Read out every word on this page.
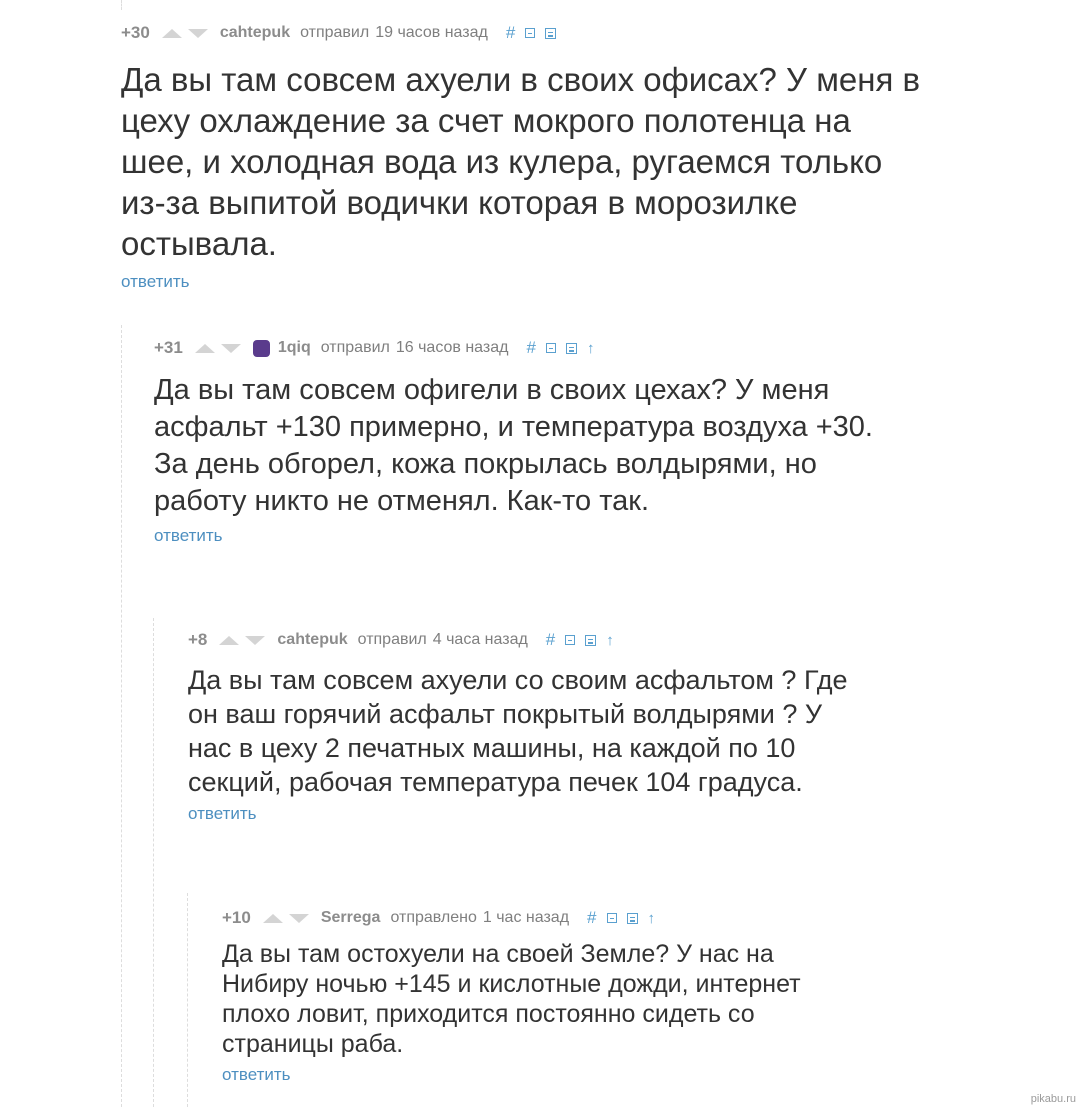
+30	cahtepuk отправил 19 часов назад #
Да вы там совсем ахуели в своих офисах? У меня в цеху охлаждение за счет мокрого полотенца на шее, и холодная вода из кулера, ругаемся только из-за выпитой водички которая в морозилке остывала.
ответить
+31	1qiq отправил 16 часов назад #	↑
Да вы там совсем офигели в своих цехах? У меня асфальт +130 примерно, и температура воздуха +30. За день обгорел, кожа покрылась волдырями, но работу никто не отменял. Как-то так.
ответить
+8	cahtepuk отправил 4 часа назад #	↑
Да вы там совсем ахуели со своим асфальтом ? Где он ваш горячий асфальт покрытый волдырями ? У нас в цеху 2 печатных машины, на каждой по 10 секций, рабочая температура печек 104 градуса.
ответить
+10	Serrega отправлено 1 час назад #	↑
Да вы там остохуели на своей Земле? У нас на Нибиру ночью +145 и кислотные дожди, интернет плохо ловит, приходится постоянно сидеть со страницы раба.
ответить
pikabu.ru
